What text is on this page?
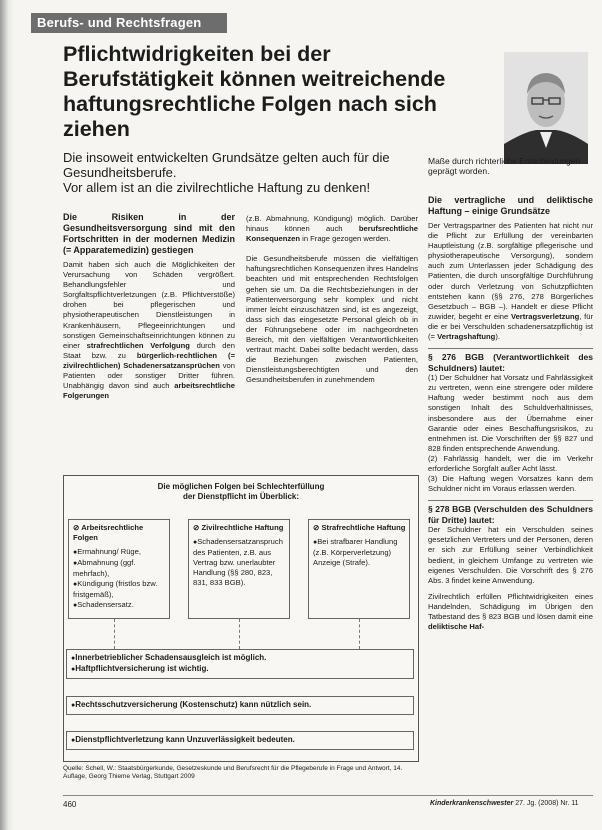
Berufs- und Rechtsfragen
Pflichtwidrigkeiten bei der Berufstätigkeit können weitreichende haftungsrechtliche Folgen nach sich ziehen
Die insoweit entwickelten Grundsätze gelten auch für die Gesundheitsberufe.
Vor allem ist an die zivilrechtliche Haftung zu denken!
Maße durch richterliche Entscheidungen geprägt worden.
Die Risiken in der Gesundheitsversorgung sind mit den Fortschritten in der modernen Medizin (= Apparatemedizin) gestiegen

Damit haben sich auch die Möglichkeiten der Verursachung von Schäden vergrößert. Behandlungsfehler und Sorgfaltspflichtverletzungen (z.B. Pflichtverstöße) drohen bei pflegerischen und physiotherapeutischen Dienstleistungen in Krankenhäusern, Pflegeeinrichtungen und sonstigen Gemeinschaftseinrichtungen können zu einer strafrechtlichen Verfolgung durch den Staat bzw. zu bürgerlich-rechtlichen (= zivilrechtlichen) Schadenersatzansprüchen von Patienten oder sonstiger Dritter führen. Unabhängig davon sind auch arbeitsrechtliche Folgerungen

(z.B. Abmahnung, Kündigung) möglich. Darüber hinaus können auch berufsrechtliche Konsequenzen in Frage gezogen werden.

Die Gesundheitsberufe müssen die vielfältigen haftungsrechtlichen Konsequenzen ihres Handelns beachten und mit entsprechenden Rechtsfolgen gehen sie um. Da die Rechtsbeziehungen in der Patientenversorgung sehr komplex und nicht immer leicht einzuschätzen sind, ist es angezeigt, dass sich das eingesetzte Personal gleich ob in der Führungsebene oder im nachgeordneten Bereich, mit den vielfältigen Verantwortlichkeiten vertraut macht. Dabei sollte bedacht werden, dass die Beziehungen zwischen Patienten, Dienstleistungsberechtigten und den Gesundheitsberufen in zunehmendem

Die vertragliche und deliktische Haftung – einige Grundsätze

Der Vertragspartner des Patienten hat nicht nur die Pflicht zur Erfüllung der vereinbarten Hauptleistung (z.B. sorgfältige pflegerische und physiotherapeutische Versorgung), sondern auch zum Unterlassen jeder Schädigung des Patienten, die durch unsorgfältige Durchführung oder durch Verletzung von Schutzpflichten entstehen kann (§§ 276, 278 Bürgerliches Gesetzbuch – BGB –). Handelt er diese Pflicht zuwider, begeht er eine Vertragsverletzung, für die er bei Verschulden schadenersatzpflichtig ist (= Vertragshaftung).

§ 276 BGB (Verantwortlichkeit des Schuldners) lautet:

(1) Der Schuldner hat Vorsatz und Fahrlässigkeit zu vertreten, wenn eine strengere oder mildere Haftung weder bestimmt noch aus dem sonstigen Inhalt des Schuldverhältnisses, insbesondere aus der Übernahme einer Garantie oder eines Beschaffungsrisikos, zu entnehmen ist. Die Vorschriften der §§ 827 und 828 finden entsprechende Anwendung.

(2) Fahrlässig handelt, wer die im Verkehr erforderliche Sorgfalt außer Acht lässt.

(3) Die Haftung wegen Vorsatzes kann dem Schuldner nicht im Voraus erlassen werden.

§ 278 BGB (Verschulden des Schuldners für Dritte) lautet:

Der Schuldner hat ein Verschulden seines gesetzlichen Vertreters und der Personen, deren er sich zur Erfüllung seiner Verbindlichkeit bedient, in gleichem Umfange zu vertreten wie eigenes Verschulden. Die Vorschrift des § 276 Abs. 3 findet keine Anwendung.

Zivilrechtlich erfüllen Pflichtwidrigkeiten eines Handelnden, Schädigung im Übrigen den Tatbestand des § 823 BGB und lösen damit eine deliktische Haf-

Die möglichen Folgen bei Schlechterfüllung
der Dienstpflicht im Überblick:
⊘ Arbeitsrechtliche Folgen
● Ermahnung/ Rüge,
● Abmahnung (ggf. mehrfach),
● Kündigung (fristlos bzw. fristgemäß),
● Schadensersatz.
⊘ Zivilrechtliche Haftung
● Schadensersatzanspruch des Patienten, z.B. aus Vertrag bzw. unerlaubter Handlung (§§ 280, 823, 831, 833 BGB).
⊘ Strafrechtliche Haftung
● Bei strafbarer Handlung (z.B. Körperverletzung) Anzeige (Strafe).
● Innerbetrieblicher Schadensausgleich ist möglich.
● Haftpflichtversicherung ist wichtig.
● Rechtsschutzversicherung (Kostenschutz) kann nützlich sein.
● Dienstpflichtverletzung kann Unzuverlässigkeit bedeuten.
Quelle: Schell, W.: Staatsbürgerkunde, Gesetzeskunde und Berufsrecht für die Pflegeberufe in Frage und Antwort, 14. Auflage, Georg Thieme Verlag, Stuttgart 2009
460	Kinderkrankenschwester 27. Jg. (2008) Nr. 11
